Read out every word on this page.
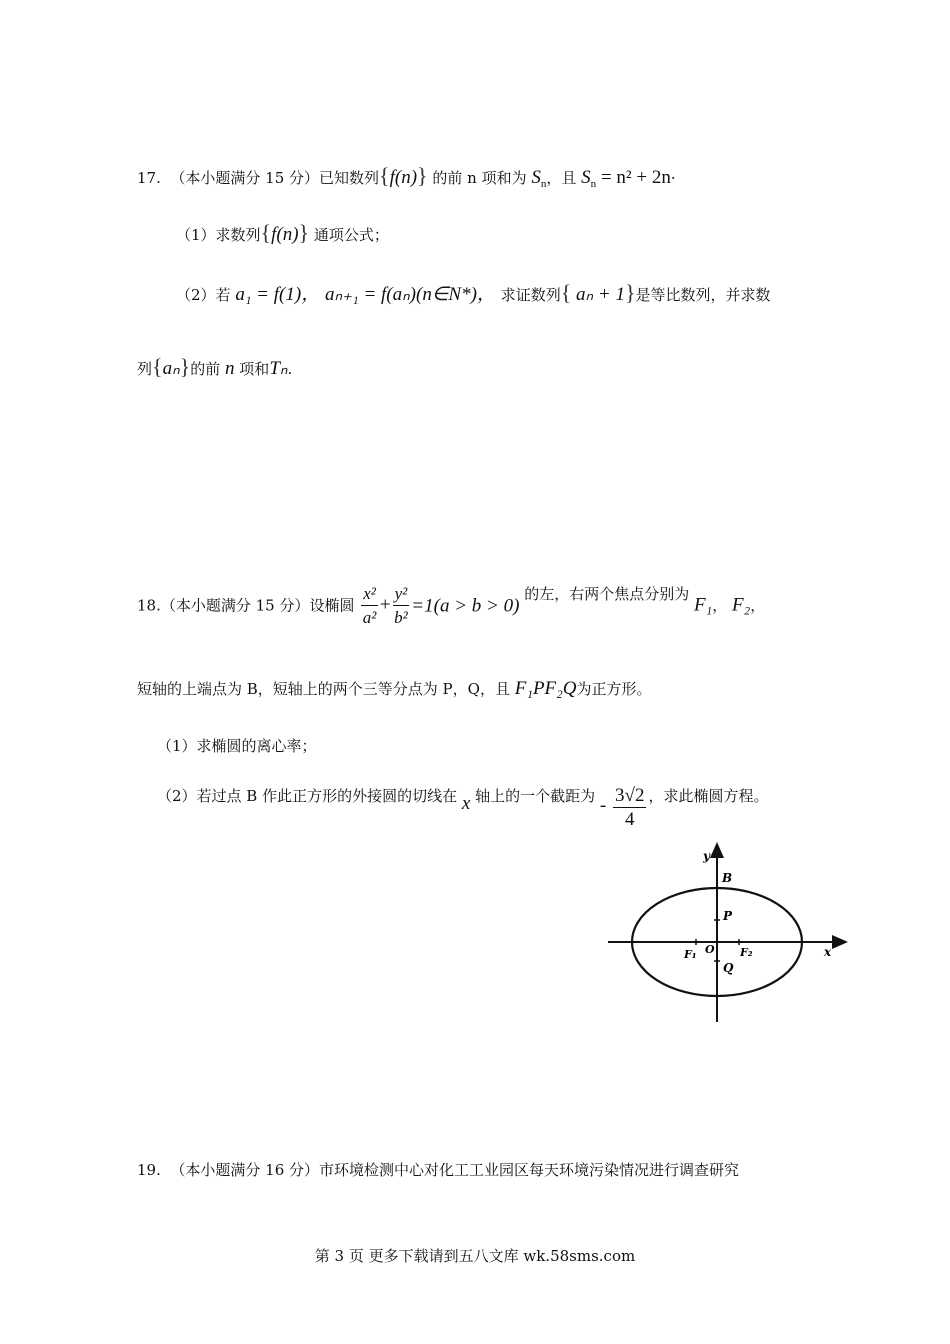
17. （本小题满分 15 分）已知数列{f(n)} 的前 n 项和为 $S_n$，且 $S_n = n^2 + 2n\cdot$
（1）求数列{f(n)} 通项公式；
（2）若 a₁ = f(1)， aₙ₊₁ = f(aₙ)(n∈N*)， 求证数列{ aₙ + 1}是等比数列，并求数
列{aₙ}的前 n 项和Tₙ.
18.（本小题满分 15 分）设椭圆 $\frac{\text{x²}}{\text{a²}} + \frac{\text{y²}}{\text{b²}} =1(a > b > 0)$ 的左，右两个焦点分别为 F₁， F₂，
短轴的上端点为 B，短轴上的两个三等分点为 P，Q，且 F₁PF₂Q为正方形。
（1）求椭圆的离心率；
（2）若过点 B 作此正方形的外接圆的切线在 x 轴上的一个截距为 - $\frac{3√2}{4}$ ，求此椭圆方程。
y
x
B
P
O
Q
F₁	F₂
19. （本小题满分 16 分）市环境检测中心对化工工业园区每天环境污染情况进行调查研究
第 3 页 更多下载请到五八文库 wk.58sms.com
